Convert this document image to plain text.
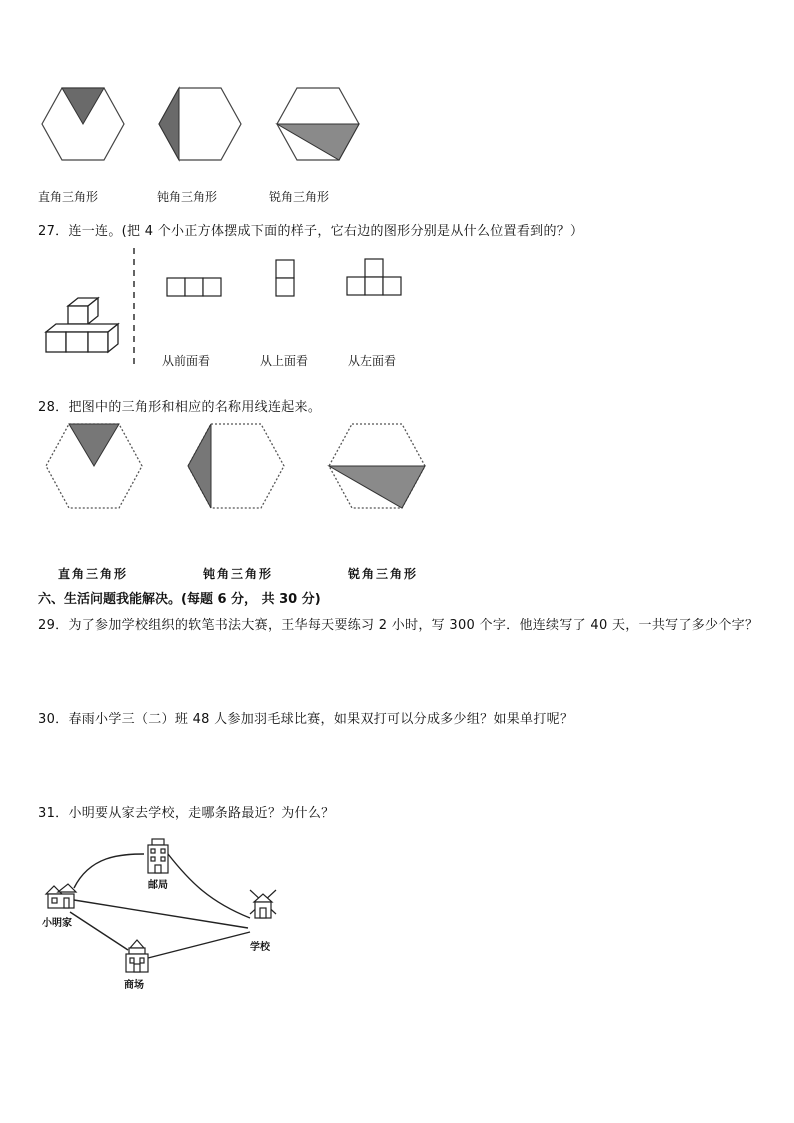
直角三角形	钝角三角形	锐角三角形
27．连一连。(把 4 个小正方体摆成下面的样子，它右边的图形分别是从什么位置看到的？）
从前面看	从上面看	从左面看
28．把图中的三角形和相应的名称用线连起来。
直角三角形	钝角三角形	锐角三角形
六、生活问题我能解决。(每题 6 分， 共 30 分)
29．为了参加学校组织的软笔书法大赛，王华每天要练习 2 小时，写 300 个字．他连续写了 40 天，一共写了多少个字？
30．春雨小学三（二）班 48 人参加羽毛球比赛，如果双打可以分成多少组？如果单打呢？
31．小明要从家去学校，走哪条路最近？为什么？
小明家
邮局
学校
商场
